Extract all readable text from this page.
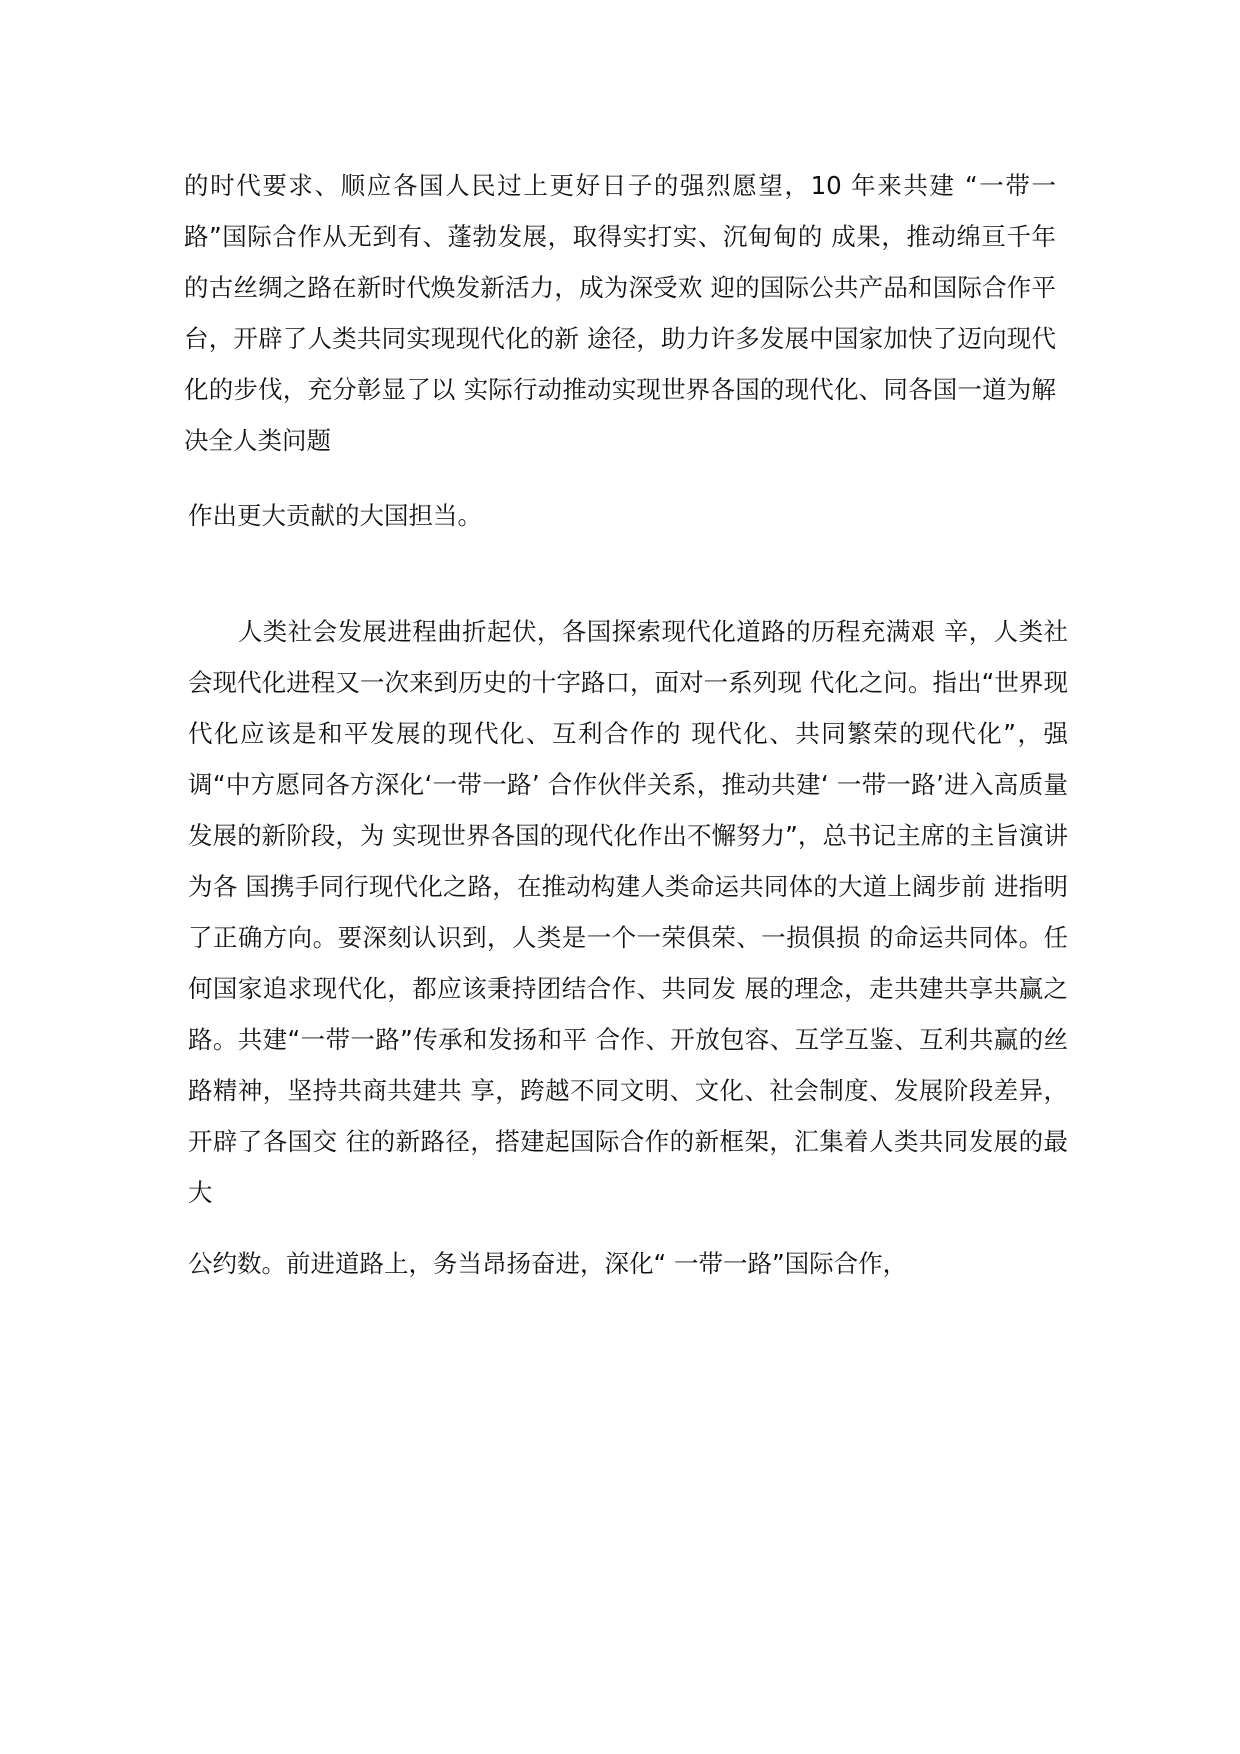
的时代要求、顺应各国人民过上更好日子的强烈愿望，10 年来共建 “一带一路”国际合作从无到有、蓬勃发展，取得实打实、沉甸甸的 成果，推动绵亘千年的古丝绸之路在新时代焕发新活力，成为深受欢 迎的国际公共产品和国际合作平台，开辟了人类共同实现现代化的新 途径，助力许多发展中国家加快了迈向现代化的步伐，充分彰显了以 实际行动推动实现世界各国的现代化、同各国一道为解决全人类问题

作出更大贡献的大国担当。

　　人类社会发展进程曲折起伏，各国探索现代化道路的历程充满艰 辛，人类社会现代化进程又一次来到历史的十字路口，面对一系列现 代化之问。指出“世界现代化应该是和平发展的现代化、互利合作的 现代化、共同繁荣的现代化”，强调“中方愿同各方深化‘一带一路’ 合作伙伴关系，推动共建‘ 一带一路’进入高质量发展的新阶段，为 实现世界各国的现代化作出不懈努力”，总书记主席的主旨演讲为各 国携手同行现代化之路，在推动构建人类命运共同体的大道上阔步前 进指明了正确方向。要深刻认识到，人类是一个一荣俱荣、一损俱损 的命运共同体。任何国家追求现代化，都应该秉持团结合作、共同发 展的理念，走共建共享共赢之路。共建“一带一路”传承和发扬和平 合作、开放包容、互学互鉴、互利共赢的丝路精神，坚持共商共建共 享，跨越不同文明、文化、社会制度、发展阶段差异，开辟了各国交 往的新路径，搭建起国际合作的新框架，汇集着人类共同发展的最大

公约数。前进道路上，务当昂扬奋进，深化“ 一带一路”国际合作，
